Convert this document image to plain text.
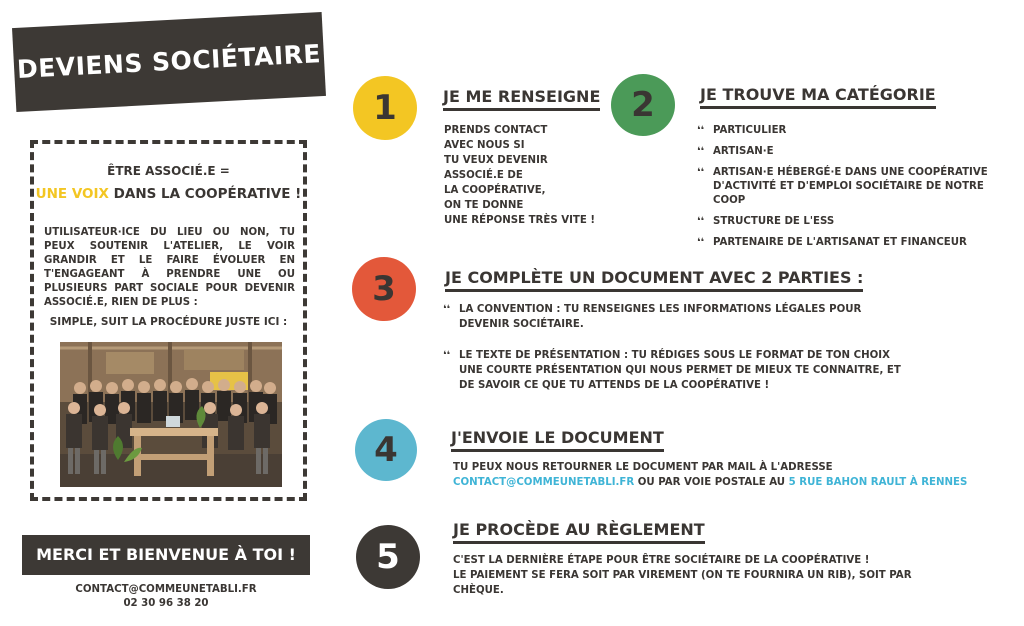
DEVIENS SOCIÉTAIRE
ÊTRE ASSOCIÉ.E =
UNE VOIX DANS LA COOPÉRATIVE !
UTILISATEUR·ICE DU LIEU OU NON, TU PEUX SOUTENIR L'ATELIER, LE VOIR GRANDIR ET LE FAIRE ÉVOLUER EN T'ENGAGEANT À PRENDRE UNE OU PLUSIEURS PART SOCIALE POUR DEVENIR ASSOCIÉ.E, RIEN DE PLUS :
SIMPLE, SUIT LA PROCÉDURE JUSTE ICI :
MERCI ET BIENVENUE À TOI !
CONTACT@COMMEUNETABLI.FR
02 30 96 38 20
1	JE ME RENSEIGNE
PRENDS CONTACT
AVEC NOUS SI
TU VEUX DEVENIR
ASSOCIÉ.E DE
LA COOPÉRATIVE,
ON TE DONNE
UNE RÉPONSE TRÈS VITE !
2	JE TROUVE MA CATÉGORIE
❛❛ PARTICULIER
❛❛ ARTISAN·E
❛❛ ARTISAN·E HÉBERGÉ·E DANS UNE COOPÉRATIVE D'ACTIVITÉ ET D'EMPLOI SOCIÉTAIRE DE NOTRE COOP
❛❛ STRUCTURE DE L'ESS
❛❛ PARTENAIRE DE L'ARTISANAT ET FINANCEUR
3	JE COMPLÈTE UN DOCUMENT AVEC 2 PARTIES :
❛❛ LA CONVENTION : TU RENSEIGNES LES INFORMATIONS LÉGALES POUR DEVENIR SOCIÉTAIRE.
❛❛ LE TEXTE DE PRÉSENTATION : TU RÉDIGES SOUS LE FORMAT DE TON CHOIX UNE COURTE PRÉSENTATION QUI NOUS PERMET DE MIEUX TE CONNAITRE, ET DE SAVOIR CE QUE TU ATTENDS DE LA COOPÉRATIVE !
4	J'ENVOIE LE DOCUMENT
TU PEUX NOUS RETOURNER LE DOCUMENT PAR MAIL À L'ADRESSE
CONTACT@COMMEUNETABLI.FR OU PAR VOIE POSTALE AU 5 RUE BAHON RAULT À RENNES
5
JE PROCÈDE AU RÈGLEMENT
C'EST LA DERNIÈRE ÉTAPE POUR ÊTRE SOCIÉTAIRE DE LA COOPÉRATIVE !
LE PAIEMENT SE FERA SOIT PAR VIREMENT (ON TE FOURNIRA UN RIB), SOIT PAR CHÈQUE.
